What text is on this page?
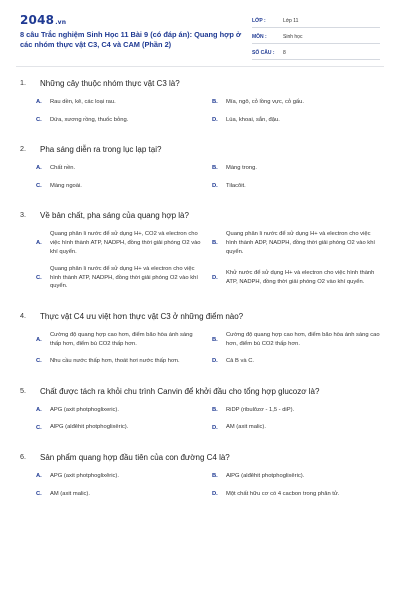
2048.vn
8 câu Trắc nghiệm Sinh Học 11 Bài 9 (có đáp án): Quang hợp ở các nhóm thực vật C3, C4 và CAM (Phần 2)
LỚP :	Lớp 11
MÔN :	Sinh học
SỐ CÂU :	8
1.	Những cây thuộc nhóm thực vật C3 là?
A.	Rau dền, kê, các loại rau.	B.	Mía, ngô, cỏ lồng vực, cỏ gấu.
C.	Dứa, xương rồng, thuốc bỏng.	D.	Lúa, khoai, sắn, đậu.
2.	Pha sáng diễn ra trong lục lạp tại?
A.	Chất nền.	B.	Màng trong.
C.	Màng ngoài.	D.	Tilacôit.
3.	Về bản chất, pha sáng của quang hợp là?
A.
Quang phân li nước để sử dụng H+, CO2 và electron cho việc hình thành ATP, NADPH, đồng thời giải phóng O2 vào khí quyển.
B.
Quang phân li nước để sử dụng H+ và electron cho việc hình thành ADP, NADPH, đồng thời giải phóng O2 vào khí quyển.
C.
Quang phân li nước để sử dụng H+ và electron cho việc hình thành ATP, NADPH, đồng thời giải phóng O2 vào khí quyển.
D.
Khử nước để sử dụng H+ và electron cho việc hình thành ATP, NADPH, đồng thời giải phóng O2 vào khí quyển.
4.	Thực vật C4 ưu việt hơn thực vật C3 ở những điểm nào?
A.
Cường độ quang hợp cao hơn, điểm bão hòa ánh sáng thấp hơn, điểm bù CO2 thấp hơn.
B.
Cường độ quang hợp cao hơn, điểm bão hòa ánh sáng cao hơn, điểm bù CO2 thấp hơn.
C.	Nhu cầu nước thấp hơn, thoát hơi nước thấp hơn.	D.	Cả B và C.
5.	Chất được tách ra khỏi chu trình Canvin để khởi đầu cho tổng hợp glucozơ là?
A.	APG (axit photphoglixeric).	B.	RiDP (ribulôzơ - 1,5 - diP).
C.	AlPG (alđêhit photphoglixêric).	D.	AM (axit malic).
6.	Sản phẩm quang hợp đầu tiên của con đường C4 là?
A.	APG (axit photphoglixêric).	B.	AlPG (alđêhit photphoglixêric).
C.	AM (axit malic).	D.	Một chất hữu cơ có 4 cacbon trong phân tử.
